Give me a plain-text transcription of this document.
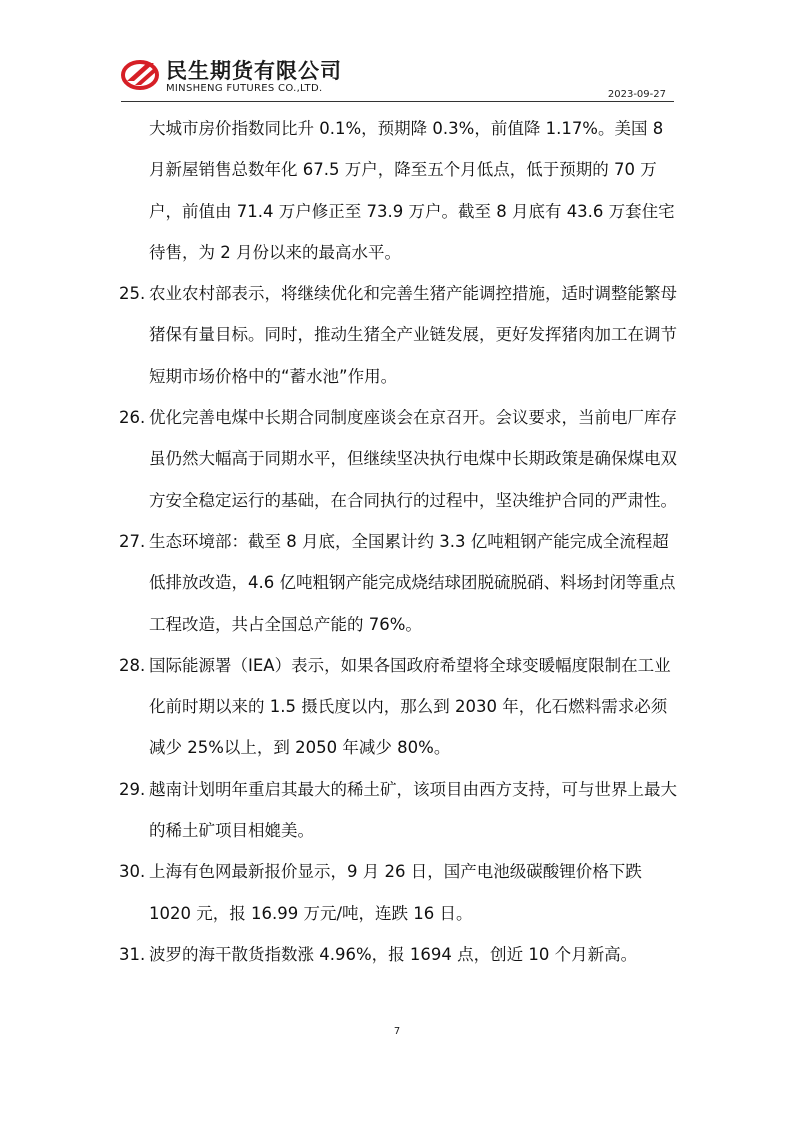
民生期货有限公司
MINSHENG FUTURES CO.,LTD.
2023-09-27
大城市房价指数同比升 0.1%，预期降 0.3%，前值降 1.17%。美国 8 月新屋销售总数年化 67.5 万户，降至五个月低点，低于预期的 70 万户，前值由 71.4 万户修正至 73.9 万户。截至 8 月底有 43.6 万套住宅待售，为 2 月份以来的最高水平。
25. 农业农村部表示，将继续优化和完善生猪产能调控措施，适时调整能繁母猪保有量目标。同时，推动生猪全产业链发展，更好发挥猪肉加工在调节短期市场价格中的“蓄水池”作用。
26. 优化完善电煤中长期合同制度座谈会在京召开。会议要求，当前电厂库存虽仍然大幅高于同期水平，但继续坚决执行电煤中长期政策是确保煤电双方安全稳定运行的基础，在合同执行的过程中，坚决维护合同的严肃性。
27. 生态环境部：截至 8 月底，全国累计约 3.3 亿吨粗钢产能完成全流程超低排放改造，4.6 亿吨粗钢产能完成烧结球团脱硫脱硝、料场封闭等重点工程改造，共占全国总产能的 76%。
28. 国际能源署（IEA）表示，如果各国政府希望将全球变暖幅度限制在工业化前时期以来的 1.5 摄氏度以内，那么到 2030 年，化石燃料需求必须减少 25%以上，到 2050 年减少 80%。
29. 越南计划明年重启其最大的稀土矿，该项目由西方支持，可与世界上最大的稀土矿项目相媲美。
30. 上海有色网最新报价显示，9 月 26 日，国产电池级碳酸锂价格下跌 1020 元，报 16.99 万元/吨，连跌 16 日。
31. 波罗的海干散货指数涨 4.96%，报 1694 点，创近 10 个月新高。
7
